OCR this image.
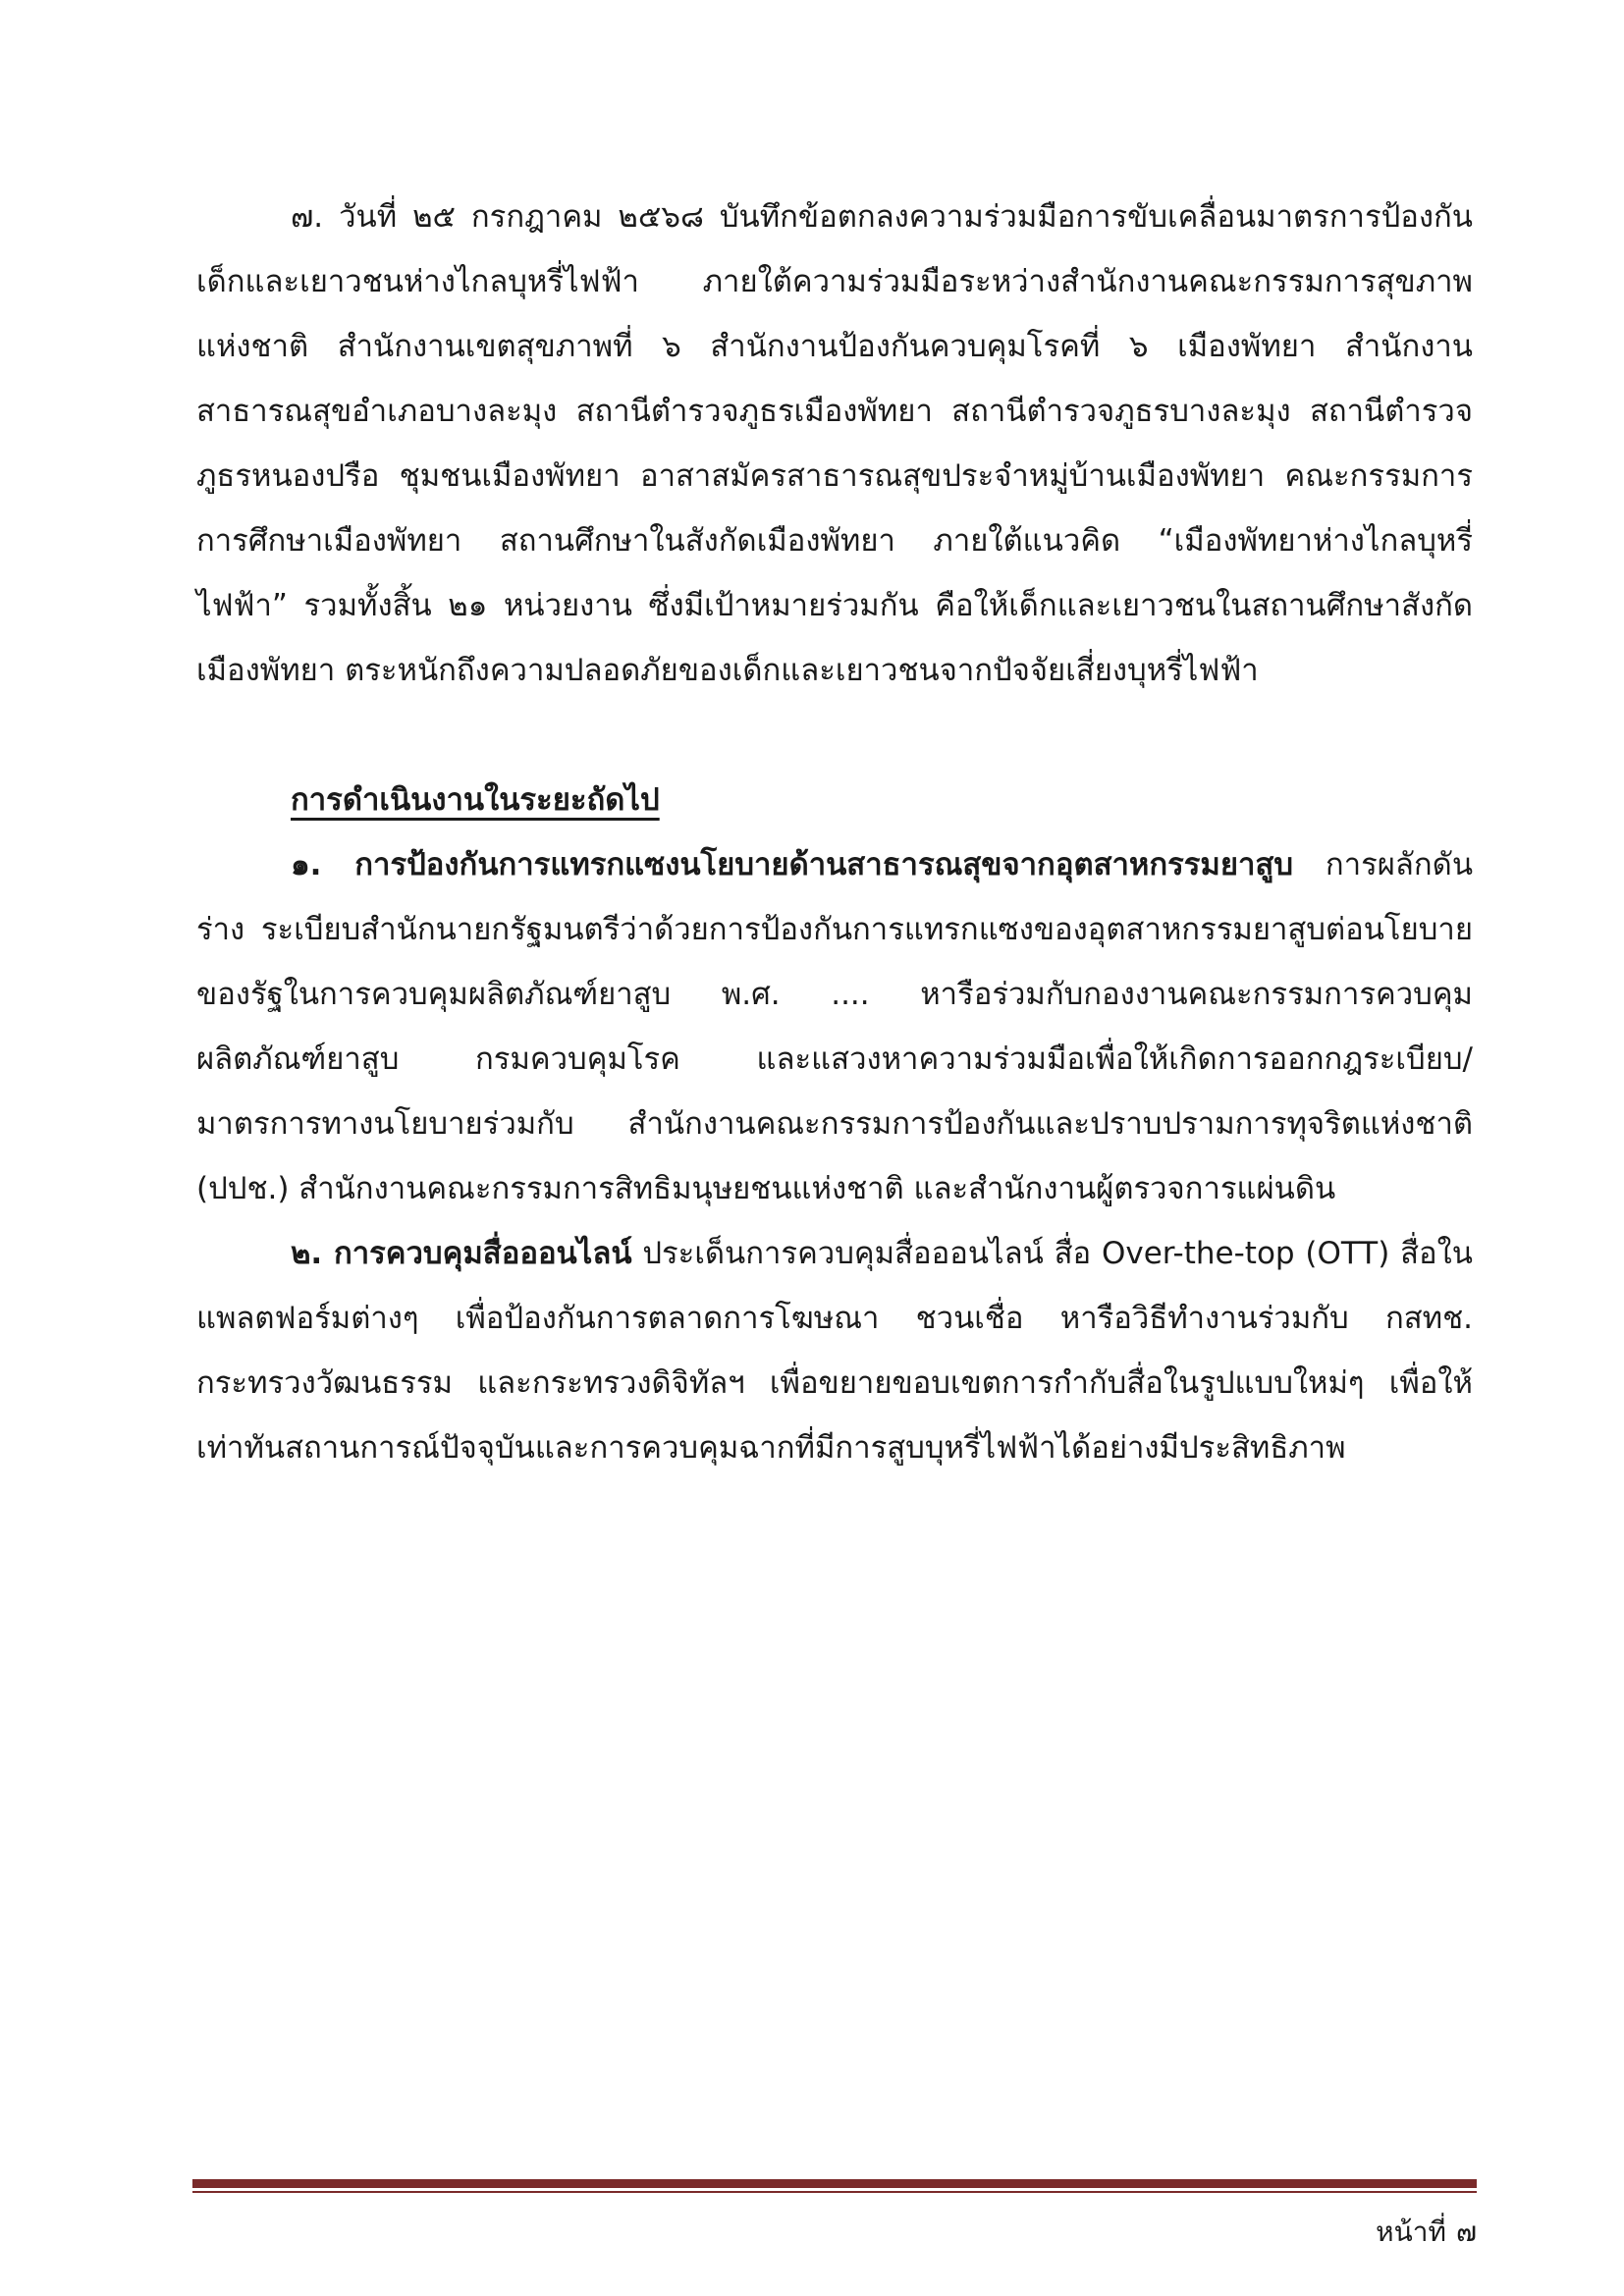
๗. วันที่ ๒๕ กรกฎาคม ๒๕๖๘ บันทึกข้อตกลงความร่วมมือการขับเคลื่อนมาตรการป้องกันเด็กและเยาวชนห่างไกลบุหรี่ไฟฟ้า ภายใต้ความร่วมมือระหว่างสำนักงานคณะกรรมการสุขภาพแห่งชาติ สำนักงานเขตสุขภาพที่ ๖ สำนักงานป้องกันควบคุมโรคที่ ๖ เมืองพัทยา สำนักงานสาธารณสุขอำเภอบางละมุง สถานีตำรวจภูธรเมืองพัทยา สถานีตำรวจภูธรบางละมุง สถานีตำรวจภูธรหนองปรือ ชุมชนเมืองพัทยา อาสาสมัครสาธารณสุขประจำหมู่บ้านเมืองพัทยา คณะกรรมการการศึกษาเมืองพัทยา สถานศึกษาในสังกัดเมืองพัทยา ภายใต้แนวคิด “เมืองพัทยาห่างไกลบุหรี่ไฟฟ้า” รวมทั้งสิ้น ๒๑ หน่วยงาน ซึ่งมีเป้าหมายร่วมกัน คือให้เด็กและเยาวชนในสถานศึกษาสังกัดเมืองพัทยา ตระหนักถึงความปลอดภัยของเด็กและเยาวชนจากปัจจัยเสี่ยงบุหรี่ไฟฟ้า

การดำเนินงานในระยะถัดไป

๑. การป้องกันการแทรกแซงนโยบายด้านสาธารณสุขจากอุตสาหกรรมยาสูบ การผลักดันร่าง ระเบียบสำนักนายกรัฐมนตรีว่าด้วยการป้องกันการแทรกแซงของอุตสาหกรรมยาสูบต่อนโยบายของรัฐในการควบคุมผลิตภัณฑ์ยาสูบ พ.ศ. .... หารือร่วมกับกองงานคณะกรรมการควบคุมผลิตภัณฑ์ยาสูบ กรมควบคุมโรค และแสวงหาความร่วมมือเพื่อให้เกิดการออกกฎระเบียบ/ มาตรการทางนโยบายร่วมกับ สำนักงานคณะกรรมการป้องกันและปราบปรามการทุจริตแห่งชาติ (ปปช.) สำนักงานคณะกรรมการสิทธิมนุษยชนแห่งชาติ และสำนักงานผู้ตรวจการแผ่นดิน

๒. การควบคุมสื่อออนไลน์ ประเด็นการควบคุมสื่อออนไลน์ สื่อ Over-the-top (OTT) สื่อในแพลตฟอร์มต่างๆ เพื่อป้องกันการตลาดการโฆษณา ชวนเชื่อ หารือวิธีทำงานร่วมกับ กสทช. กระทรวงวัฒนธรรม และกระทรวงดิจิทัลฯ เพื่อขยายขอบเขตการกำกับสื่อในรูปแบบใหม่ๆ เพื่อให้เท่าทันสถานการณ์ปัจจุบันและการควบคุมฉากที่มีการสูบบุหรี่ไฟฟ้าได้อย่างมีประสิทธิภาพ

หน้าที่ ๗
